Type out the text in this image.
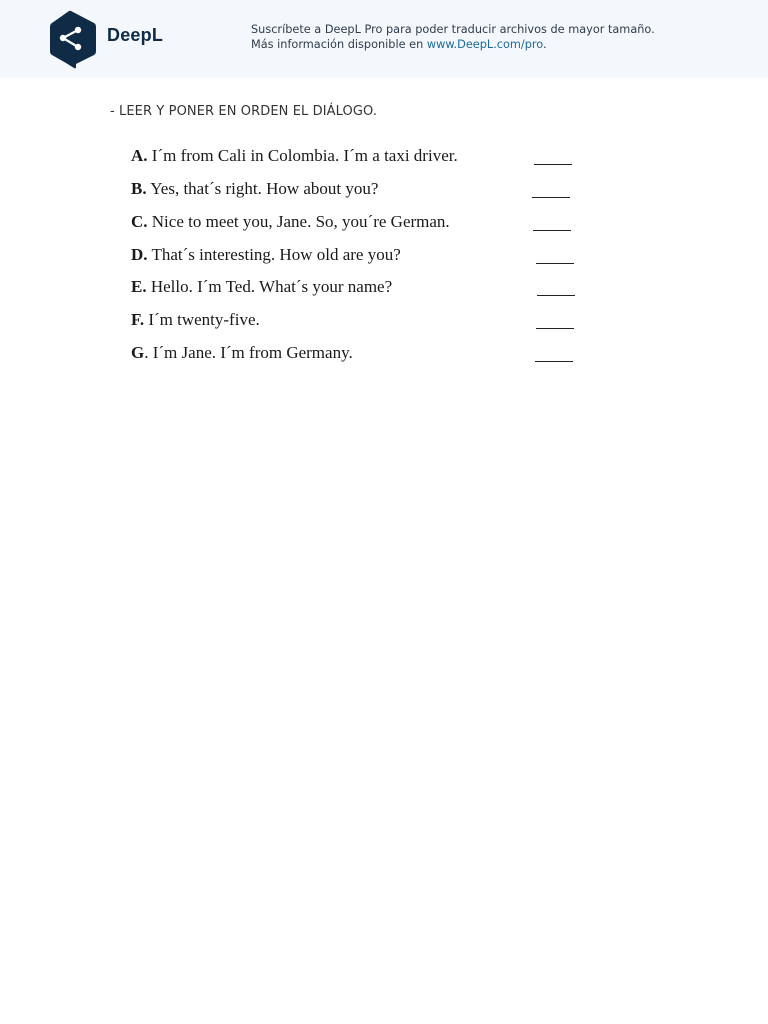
DeepL	Suscríbete a DeepL Pro para poder traducir archivos de mayor tamaño.
Más información disponible en www.DeepL.com/pro.
- LEER Y PONER EN ORDEN EL DIÁLOGO.
A. I´m from Cali in Colombia. I´m a taxi driver.
B. Yes, that´s right. How about you?
C. Nice to meet you, Jane. So, you´re German.
D. That´s interesting. How old are you?
E. Hello. I´m Ted. What´s your name?
F. I´m twenty-five.
G. I´m Jane. I´m from Germany.
